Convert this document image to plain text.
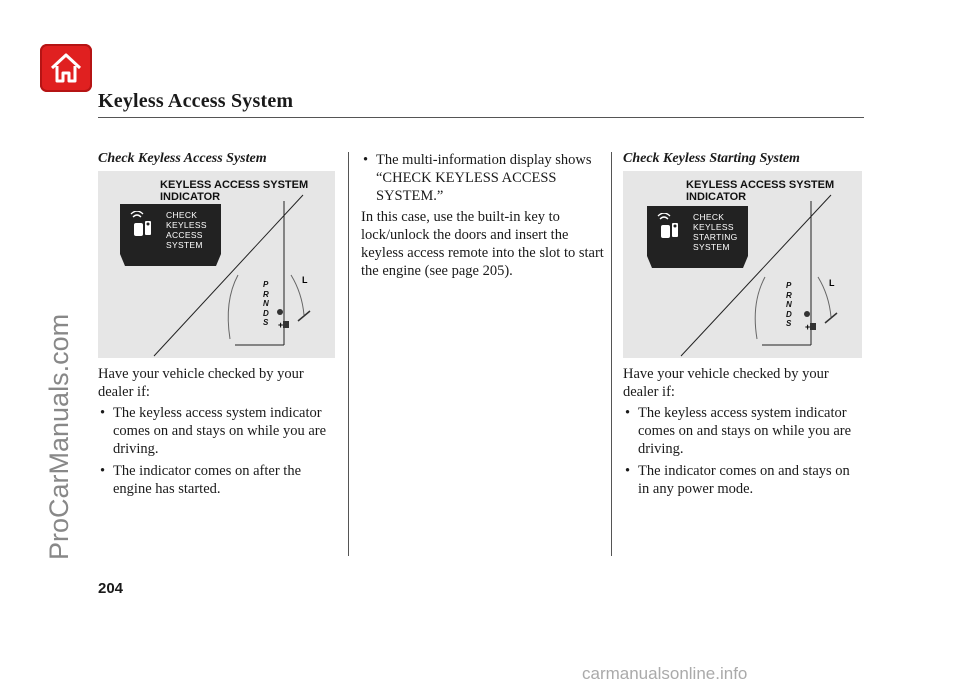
Keyless Access System
Check Keyless Access System
KEYLESS ACCESS SYSTEM
INDICATOR
L
+
CHECK
KEYLESS
ACCESS
SYSTEM
P
R
N
D
S
Have your vehicle checked by your dealer if:
• The keyless access system indicator comes on and stays on while you are driving.
• The indicator comes on after the engine has started.
• The multi-information display shows “CHECK KEYLESS ACCESS SYSTEM.”
In this case, use the built-in key to lock/unlock the doors and insert the keyless access remote into the slot to start the engine (see page 205).
Check Keyless Starting System
KEYLESS ACCESS SYSTEM
INDICATOR
L
+
CHECK
KEYLESS
STARTING
SYSTEM
P
R
N
D
S
Have your vehicle checked by your dealer if:
• The keyless access system indicator comes on and stays on while you are driving.
• The indicator comes on and stays on in any power mode.
204
ProCarManuals.com
carmanualsonline.info
